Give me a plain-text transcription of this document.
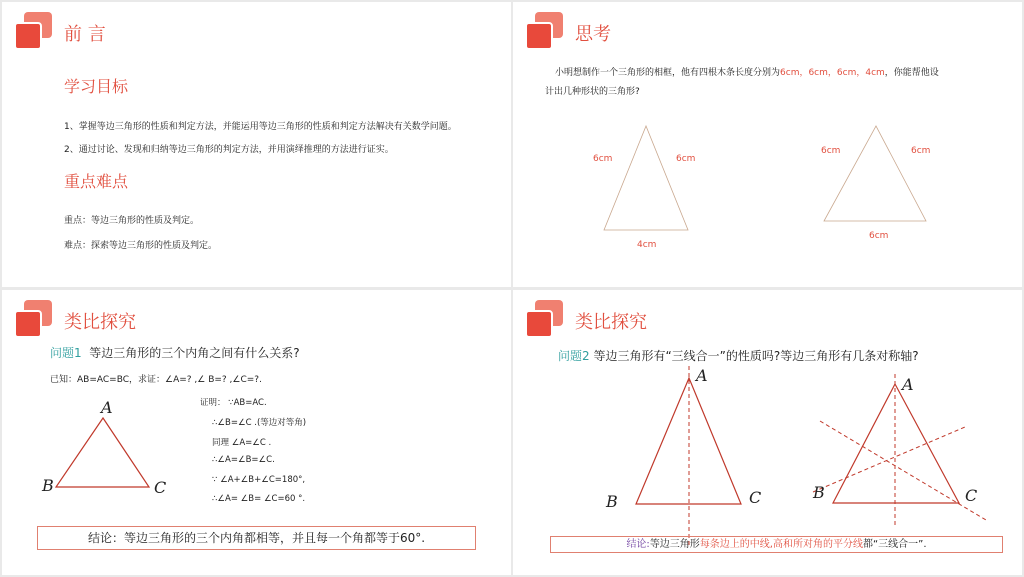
前 言
学习目标
1、掌握等边三角形的性质和判定方法，并能运用等边三角形的性质和判定方法解决有关数学问题。
2、通过讨论、发现和归纳等边三角形的判定方法，并用演绎推理的方法进行证实。
重点难点
重点：等边三角形的性质及判定。
难点：探索等边三角形的性质及判定。
思考
小明想制作一个三角形的相框，他有四根木条长度分别为6cm，6cm，6cm，4cm，你能帮他设
计出几种形状的三角形?
6cm	6cm
4cm
6cm	6cm
6cm
类比探究
问题1 等边三角形的三个内角之间有什么关系?
已知：AB=AC=BC，求证：∠A=? ,∠ B=? ,∠C=?.
证明： ∵AB=AC.
∴∠B=∠C .(等边对等角)
同理 ∠A=∠C .
∴∠A=∠B=∠C.
∵ ∠A+∠B+∠C=180°,
∴∠A= ∠B= ∠C=60 °.
A
B	C
结论：等边三角形的三个内角都相等，并且每一个角都等于60°.
类比探究
问题2 等边三角形有“三线合一”的性质吗?等边三角形有几条对称轴?
A
B	C
A
B	C
结论:等边三角形每条边上的中线,高和所对角的平分线都“三线合一”.
